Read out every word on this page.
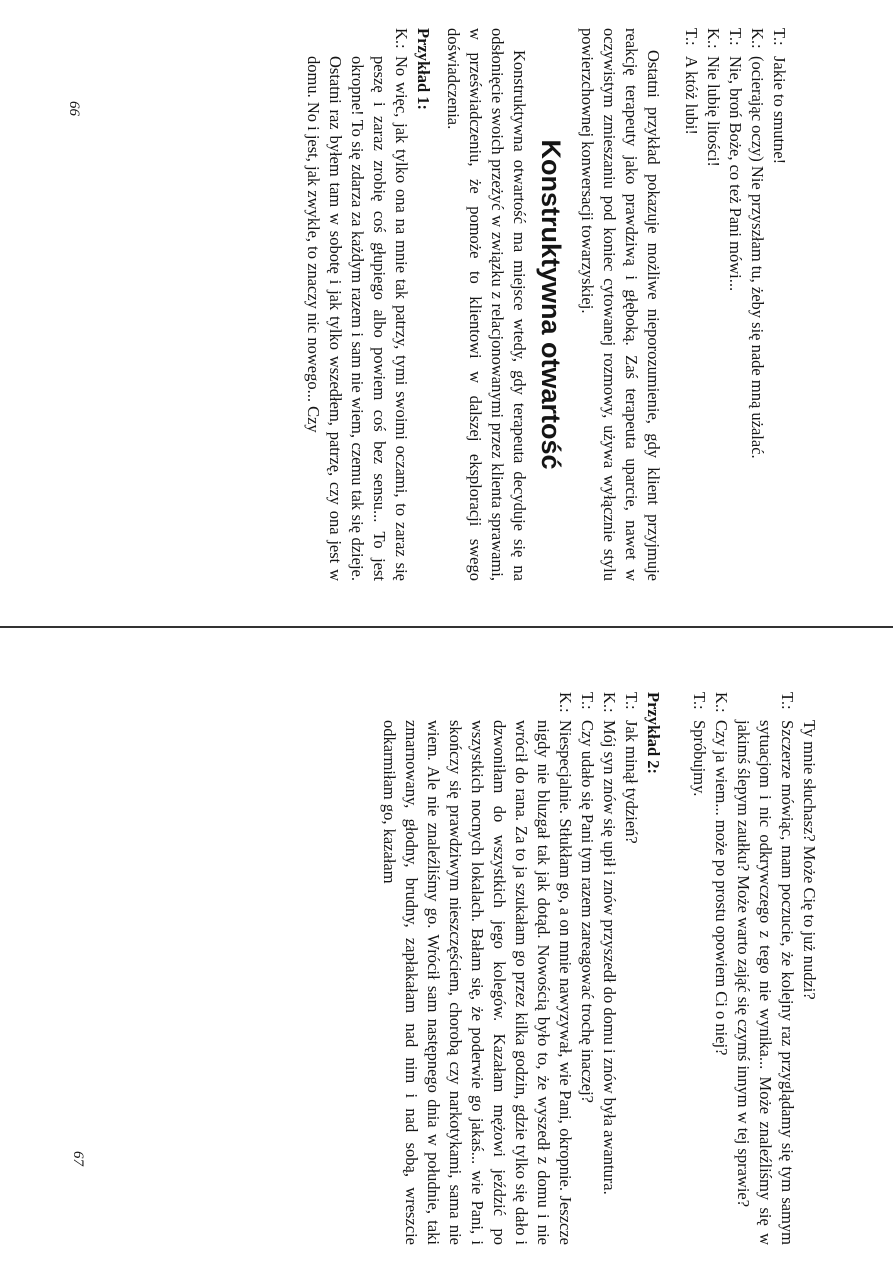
66
67
T.:
Jakie to smutne!
K.:
(ocierając oczy) Nie przyszłam tu, żeby się nade mną użalać.
T.:
Nie, broń Boże, co też Pani mówi...
K.:
Nie lubię litości!
T.:
A któż lubi!

Ostatni przykład pokazuje możliwe nieporozumienie, gdy klient przyjmuje reakcję terapeuty jako prawdziwą i głęboką. Zaś terapeuta uparcie, nawet w oczywistym zmieszaniu pod koniec cytowanej rozmowy, używa wyłącznie stylu powierzchownej konwersacji towarzyskiej.

Konstruktywna otwartość

Konstruktywna otwartość ma miejsce wtedy, gdy terapeuta decyduje się na odsłonięcie swoich przeżyć w związku z relacjonowanymi przez klienta sprawami, w przeświadczeniu, że pomoże to klientowi w dalszej eksploracji swego doświadczenia.

Przykład 1:
K.:
No więc, jak tylko ona na mnie tak patrzy, tymi swoimi oczami, to zaraz się peszę i zaraz zrobię coś głupiego albo powiem coś bez sensu... To jest okropne! To się zdarza za każdym razem i sam nie wiem, czemu tak się dzieje. Ostatni raz byłem tam w sobotę i jak tylko wszedłem, patrzę, czy ona jest w domu. No i jest, jak zwykle, to znaczy nic nowego... Czy
Ty mnie słuchasz? Może Cię to już nudzi?
T.:
Szczerze mówiąc, mam poczucie, że kolejny raz przyglądamy się tym samym sytuacjom i nic odkrywczego z tego nie wynika... Może znaleźliśmy się w jakimś ślepym zaułku? Może warto zająć się czymś innym w tej sprawie?
K.:
Czy ja wiem... może po prostu opowiem Ci o niej?
T.:
Spróbujmy.
Przykład 2:
T.:
Jak minął tydzień?
K.:
Mój syn znów się upił i znów przyszedł do domu i znów była awantura.
T.:
Czy udało się Pani tym razem zareagować trochę inaczej?
K.:
Niespecjalnie. Stłukłam go, a on mnie nawyzywał, wie Pani, okropnie. Jeszcze nigdy nie bluzgał tak jak dotąd. Nowością było to, że wyszedł z domu i nie wrócił do rana. Za to ja szukałam go przez kilka godzin, gdzie tylko się dało i dzwoniłam do wszystkich jego kolegów. Kazałam mężowi jeździć po wszystkich nocnych lokalach. Bałam się, że poderwie go jakaś... wie Pani, i skończy się prawdziwym nieszczęściem, chorobą czy narkotykami, sama nie wiem. Ale nie znaleźliśmy go. Wrócił sam następnego dnia w południe, taki zmarnowany, głodny, brudny, zapłakałam nad nim i nad sobą, wreszcie odkarmiłam go, kazałam
